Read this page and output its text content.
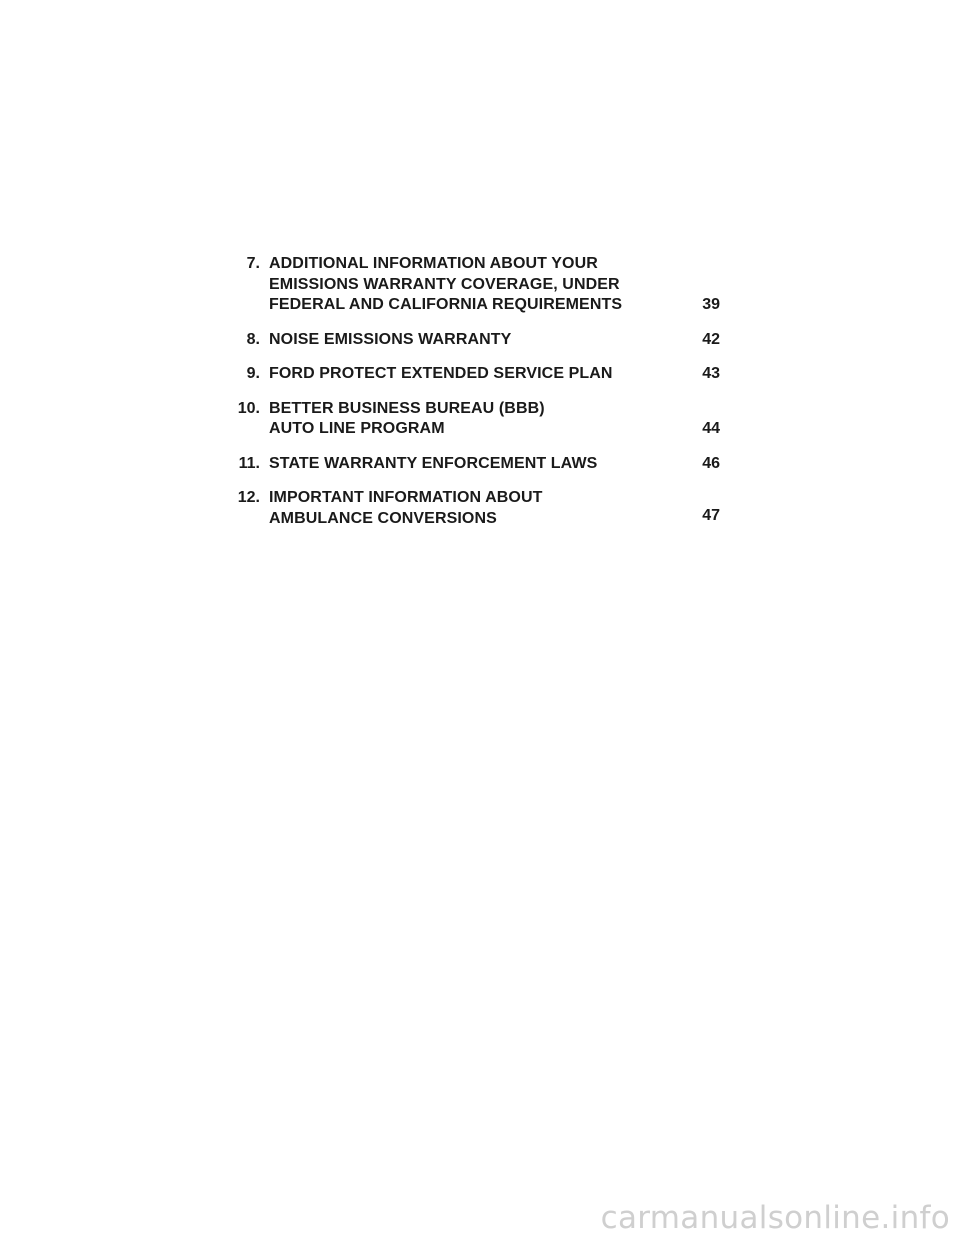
7. ADDITIONAL INFORMATION ABOUT YOUR
EMISSIONS WARRANTY COVERAGE, UNDER
FEDERAL AND CALIFORNIA REQUIREMENTS	39
8. NOISE EMISSIONS WARRANTY	42
9. FORD PROTECT EXTENDED SERVICE PLAN	43
10. BETTER BUSINESS BUREAU (BBB)
AUTO LINE PROGRAM	44
11. STATE WARRANTY ENFORCEMENT LAWS	46
12. IMPORTANT INFORMATION ABOUT
AMBULANCE CONVERSIONS	47
carmanualsonline.info
